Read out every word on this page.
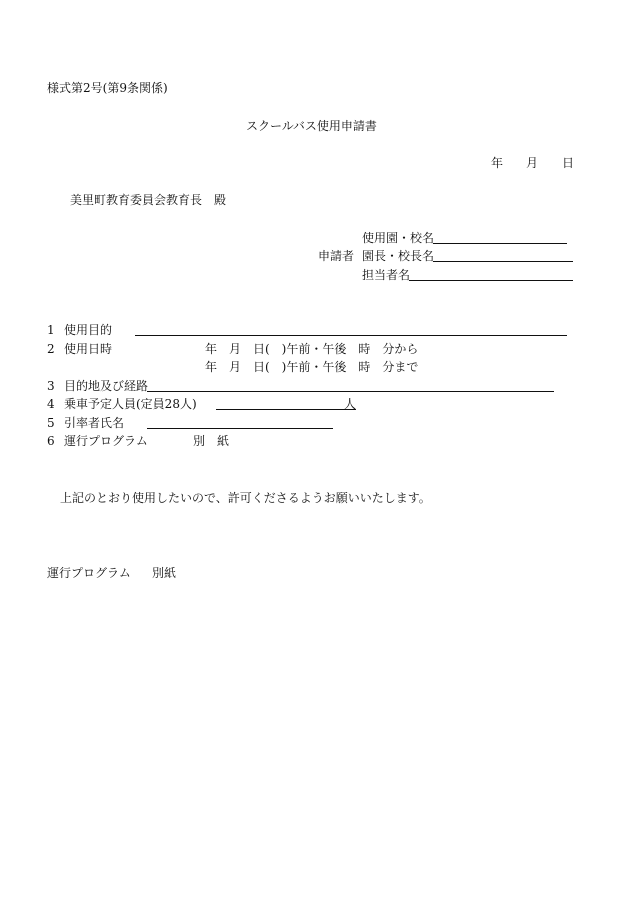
様式第2号(第9条関係)
スクールバス使用申請書
年 月 日
美里町教育委員会教育長　殿
使用園・校名
申請者 園長・校長名
担当者名
1 使用目的
2 使用日時	年　月　日(　)午前・午後　時　分から
年　月　日(　)午前・午後　時　分まで
3 目的地及び経路
4 乗車予定人員(定員28人)	人
5 引率者氏名
6 運行プログラム	別　紙
上記のとおり使用したいので、許可くださるようお願いいたします。
運行プログラム 別紙
